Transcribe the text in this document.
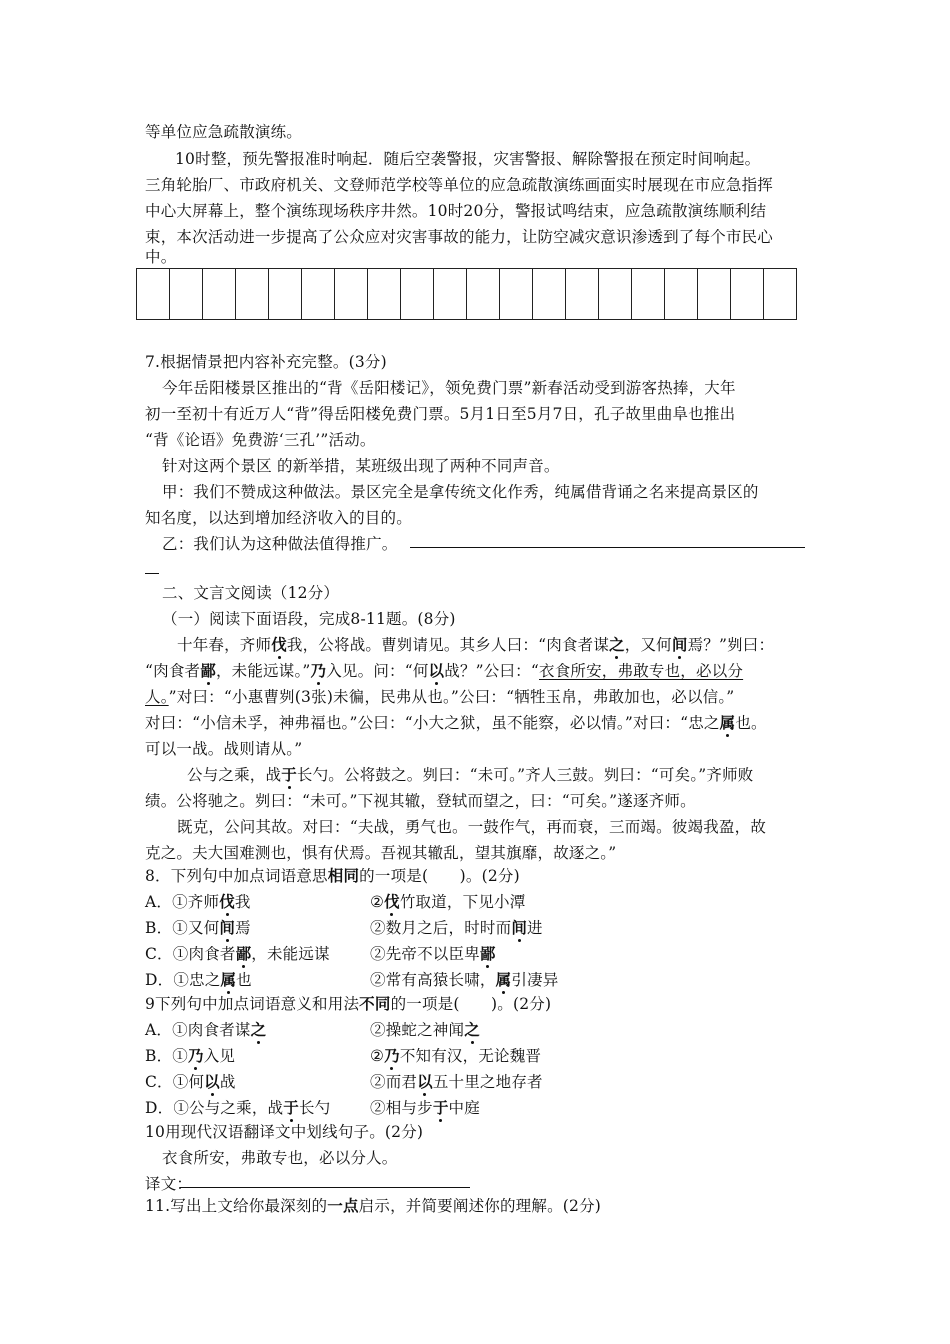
等单位应急疏散演练。
10时整，预先警报准时响起．随后空袭警报，灾害警报、解除警报在预定时间响起。
三角轮胎厂、市政府机关、文登师范学校等单位的应急疏散演练画面实时展现在市应急指挥
中心大屏幕上，整个演练现场秩序井然。10时20分，警报试鸣结束，应急疏散演练顺利结
束，本次活动进一步提高了公众应对灾害事故的能力，让防空减灾意识渗透到了每个市民心
中。

7.根据情景把内容补充完整。(3分)
今年岳阳楼景区推出的“背《岳阳楼记》，领免费门票”新春活动受到游客热捧，大年
初一至初十有近万人“背”得岳阳楼免费门票。5月1日至5月7日，孔子故里曲阜也推出
“背《论语》免费游‘三孔’”活动。
针对这两个景区 的新举措，某班级出现了两种不同声音。
甲：我们不赞成这种做法。景区完全是拿传统文化作秀，纯属借背诵之名来提高景区的
知名度，以达到增加经济收入的目的。
乙：我们认为这种做法值得推广。
二、文言文阅读（12分）
（一）阅读下面语段，完成8-11题。(8分)
十年春，齐师伐我，公将战。曹刿请见。其乡人曰：“肉食者谋之，又何间焉？”刿曰：
“肉食者鄙，未能远谋。”乃入见。问：“何以战？”公曰：“衣食所安，弗敢专也，必以分
人。”对曰：“小惠曹刿(3张)未徧，民弗从也。”公曰：“牺牲玉帛，弗敢加也，必以信。”
对曰：“小信未孚，神弗福也。”公曰：“小大之狱，虽不能察，必以情。”对曰：“忠之属也。
可以一战。战则请从。”
公与之乘，战于长勺。公将鼓之。刿曰：“未可。”齐人三鼓。刿曰：“可矣。”齐师败
绩。公将驰之。刿曰：“未可。”下视其辙，登轼而望之，曰：“可矣。”遂逐齐师。
既克，公问其故。对曰：“夫战，勇气也。一鼓作气，再而衰，三而竭。彼竭我盈，故
克之。夫大国难测也，惧有伏焉。吾视其辙乱，望其旗靡，故逐之。”
8．下列句中加点词语意思相同的一项是(　　)。(2分)
A．①齐师伐我	②伐竹取道，下见小潭
B．①又何间焉	②数月之后，时时而间进
C．①肉食者鄙，未能远谋	②先帝不以臣卑鄙
D．①忠之属也	②常有高猿长啸，属引凄异
9下列句中加点词语意义和用法不同的一项是(　　)。(2分)
A．①肉食者谋之	②操蛇之神闻之
B．①乃入见	②乃不知有汉，无论魏晋
C．①何以战	②而君以五十里之地存者
D．①公与之乘，战于长勺	②相与步于中庭
10用现代汉语翻译文中划线句子。(2分)
衣食所安，弗敢专也，必以分人。
译文：
11.写出上文给你最深刻的一点启示，并简要阐述你的理解。(2分)
